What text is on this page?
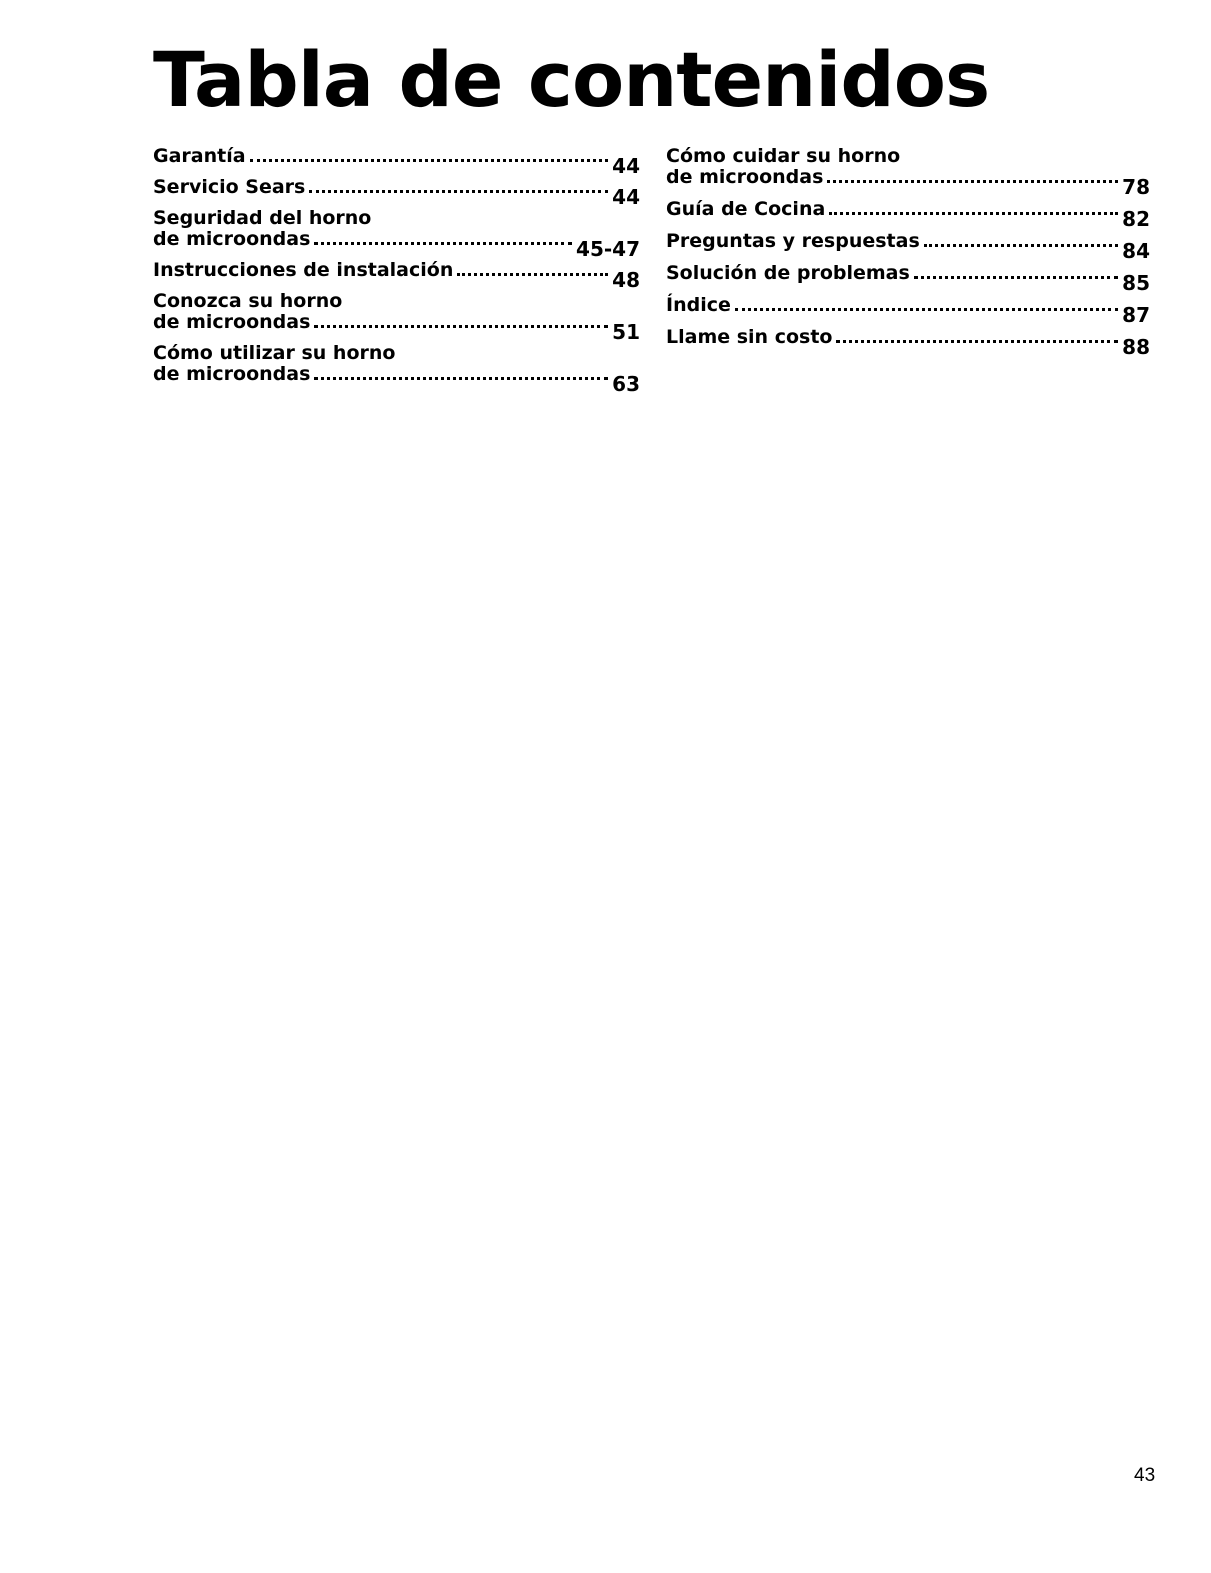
Tabla de contenidos
Garantía	44
Servicio Sears	44
Seguridad del horno
de microondas	45-47
Instrucciones de instalación	48
Conozca su horno
de microondas	51
Cómo utilizar su horno
de microondas	63
Cómo cuidar su horno
de microondas	78
Guía de Cocina	82
Preguntas y respuestas	84
Solución de problemas	85
Índice	87
Llame sin costo	88
43
